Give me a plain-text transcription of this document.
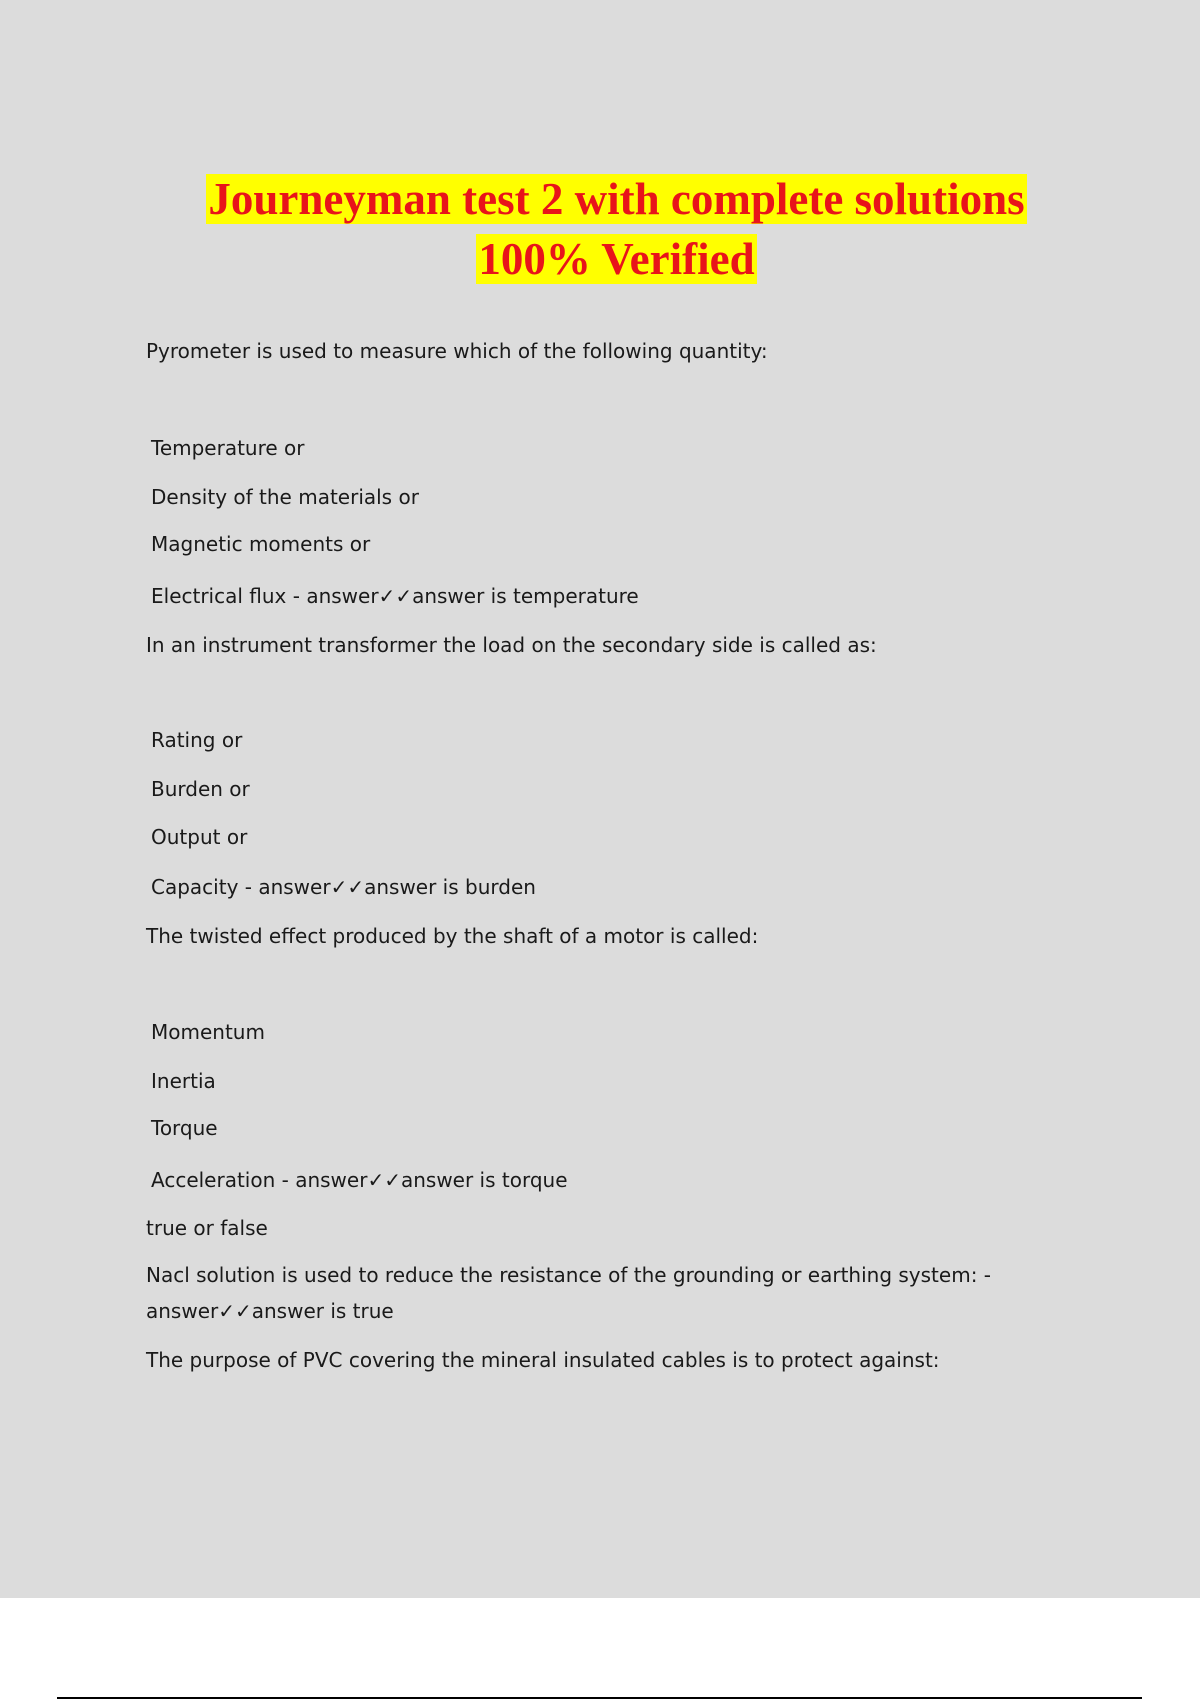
Journeyman test 2 with complete solutions
100% Verified

Pyrometer is used to measure which of the following quantity:

Temperature or

Density of the materials or

Magnetic moments or

Electrical flux - answer✓✓answer is temperature

In an instrument transformer the load on the secondary side is called as:

Rating or

Burden or

Output or

Capacity - answer✓✓answer is burden

The twisted effect produced by the shaft of a motor is called:

Momentum

Inertia

Torque

Acceleration - answer✓✓answer is torque

true or false

Nacl solution is used to reduce the resistance of the grounding or earthing system: -

answer✓✓answer is true

The purpose of PVC covering the mineral insulated cables is to protect against:
